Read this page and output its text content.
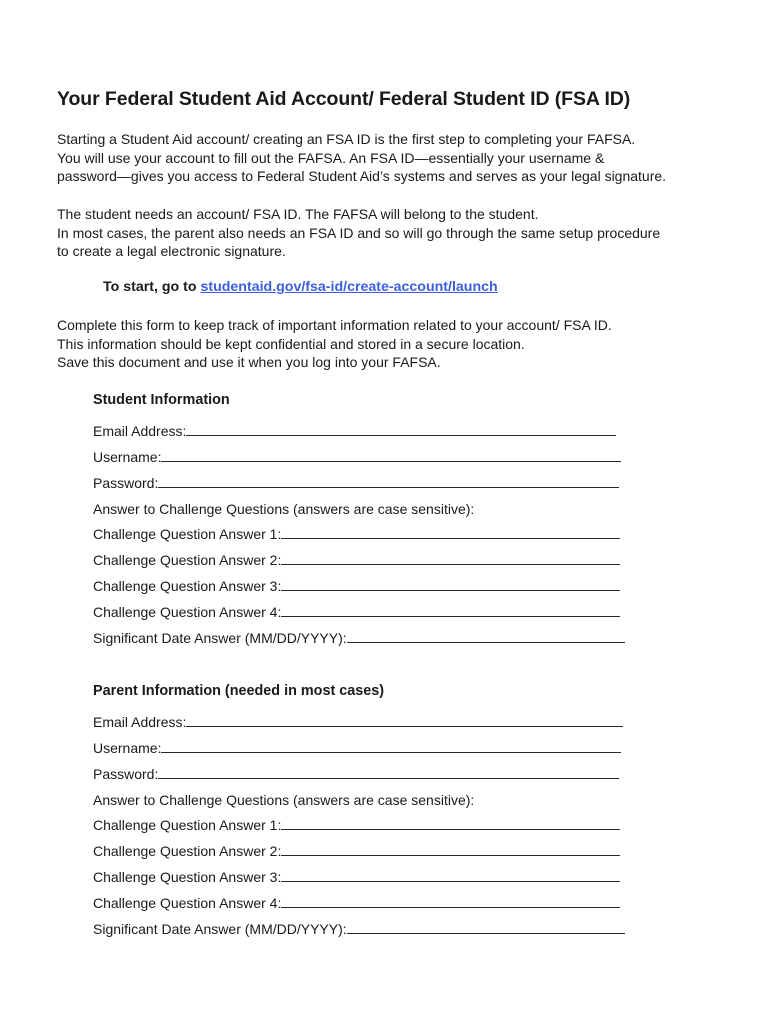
Your Federal Student Aid Account/ Federal Student ID (FSA ID)
Starting a Student Aid account/ creating an FSA ID is the first step to completing your FAFSA.
You will use your account to fill out the FAFSA. An FSA ID—essentially your username &
password—gives you access to Federal Student Aid’s systems and serves as your legal signature.
The student needs an account/ FSA ID. The FAFSA will belong to the student.
In most cases, the parent also needs an FSA ID and so will go through the same setup procedure
to create a legal electronic signature.
To start, go to studentaid.gov/fsa-id/create-account/launch
Complete this form to keep track of important information related to your account/ FSA ID.
This information should be kept confidential and stored in a secure location.
Save this document and use it when you log into your FAFSA.
Student Information
Email Address:
Username:
Password:
Answer to Challenge Questions (answers are case sensitive):
Challenge Question Answer 1:
Challenge Question Answer 2:
Challenge Question Answer 3:
Challenge Question Answer 4:
Significant Date Answer (MM/DD/YYYY):
Parent Information (needed in most cases)
Email Address:
Username:
Password:
Answer to Challenge Questions (answers are case sensitive):
Challenge Question Answer 1:
Challenge Question Answer 2:
Challenge Question Answer 3:
Challenge Question Answer 4:
Significant Date Answer (MM/DD/YYYY):
